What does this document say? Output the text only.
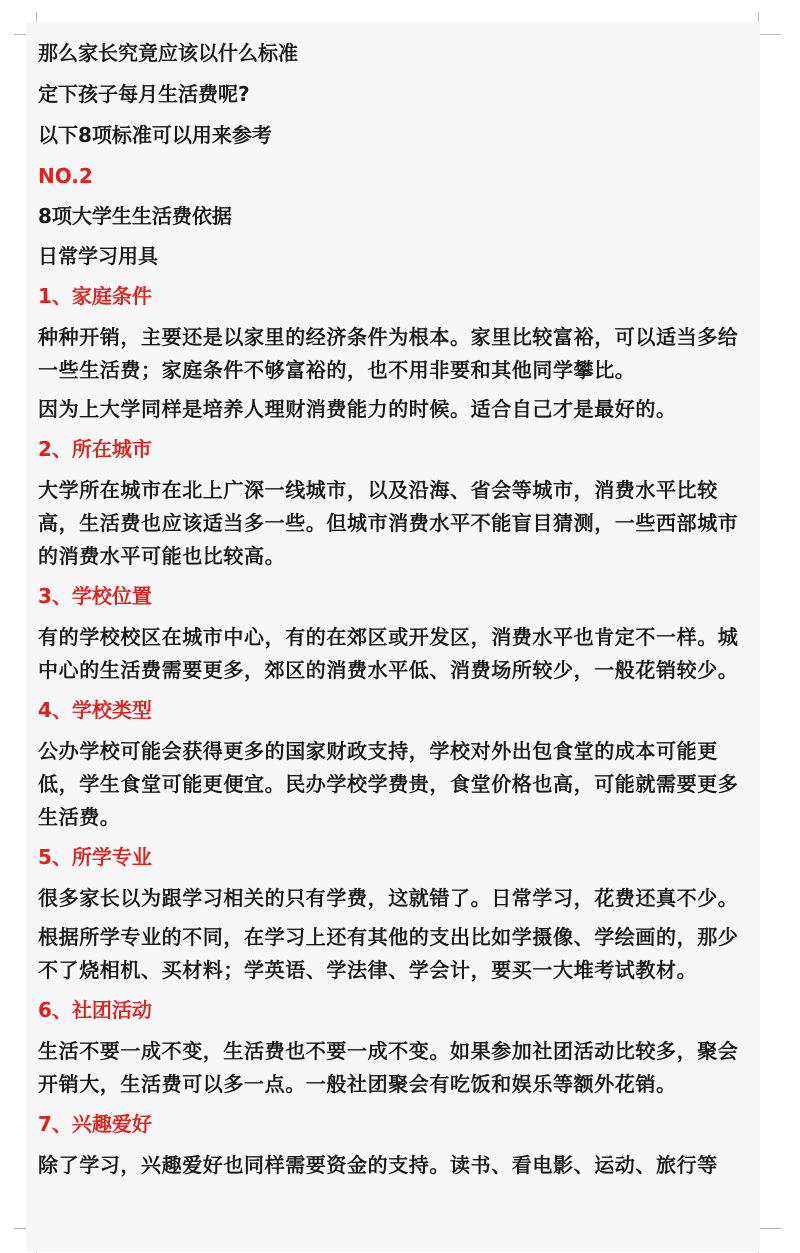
那么家长究竟应该以什么标准

定下孩子每月生活费呢?

以下8项标准可以用来参考

NO.2

8项大学生生活费依据

日常学习用具

1、家庭条件

种种开销，主要还是以家里的经济条件为根本。家里比较富裕，可以适当多给一些生活费；家庭条件不够富裕的，也不用非要和其他同学攀比。

因为上大学同样是培养人理财消费能力的时候。适合自己才是最好的。

2、所在城市

大学所在城市在北上广深一线城市，以及沿海、省会等城市，消费水平比较高，生活费也应该适当多一些。但城市消费水平不能盲目猜测，一些西部城市的消费水平可能也比较高。

3、学校位置

有的学校校区在城市中心，有的在郊区或开发区，消费水平也肯定不一样。城中心的生活费需要更多，郊区的消费水平低、消费场所较少，一般花销较少。

4、学校类型

公办学校可能会获得更多的国家财政支持，学校对外出包食堂的成本可能更低，学生食堂可能更便宜。民办学校学费贵，食堂价格也高，可能就需要更多生活费。

5、所学专业

很多家长以为跟学习相关的只有学费，这就错了。日常学习，花费还真不少。

根据所学专业的不同，在学习上还有其他的支出比如学摄像、学绘画的，那少不了烧相机、买材料；学英语、学法律、学会计，要买一大堆考试教材。

6、社团活动

生活不要一成不变，生活费也不要一成不变。如果参加社团活动比较多，聚会开销大，生活费可以多一点。一般社团聚会有吃饭和娱乐等额外花销。

7、兴趣爱好

除了学习，兴趣爱好也同样需要资金的支持。读书、看电影、运动、旅行等
